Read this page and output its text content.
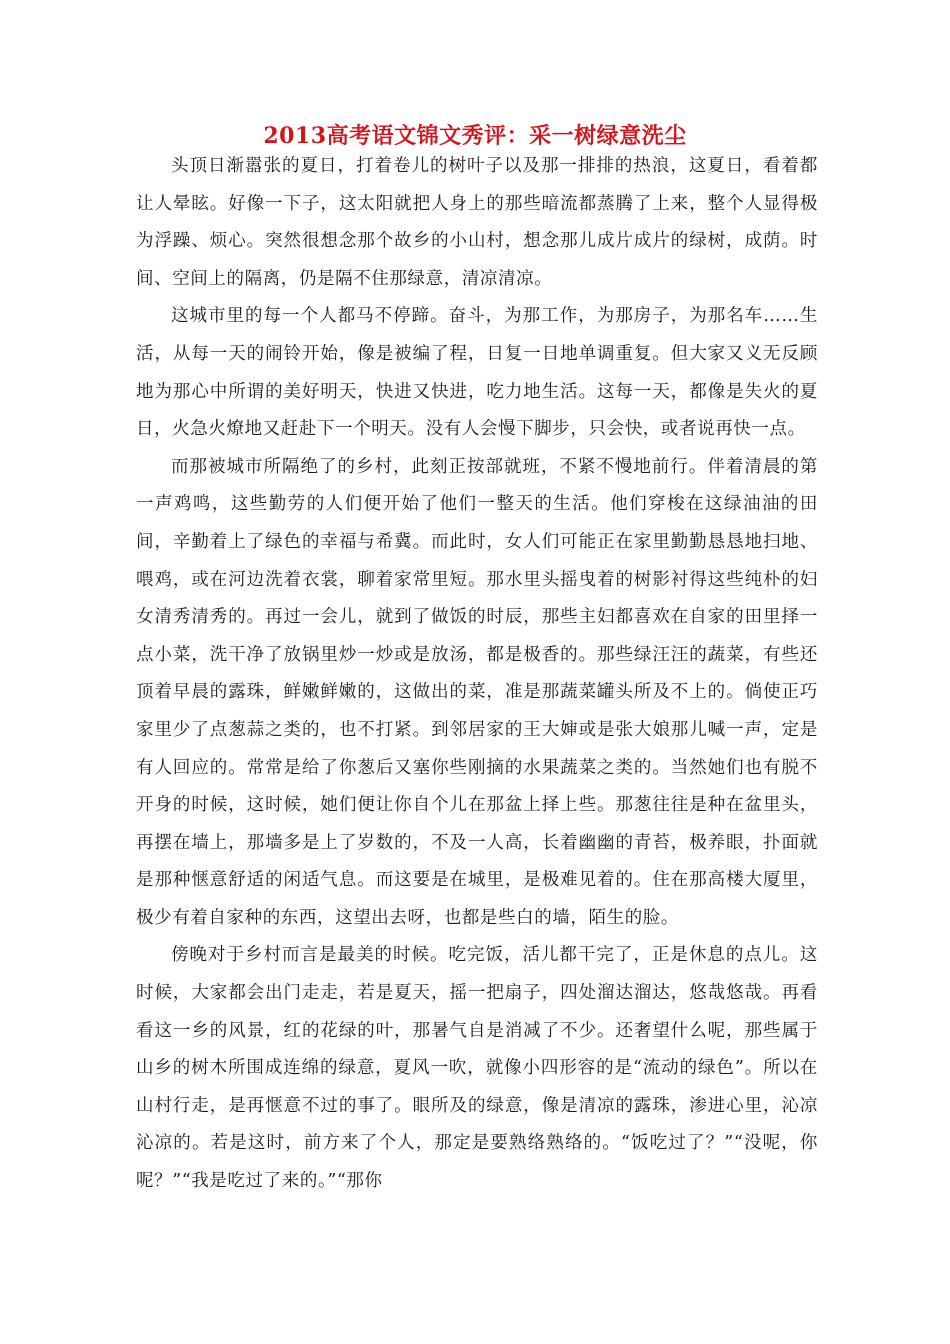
2013高考语文锦文秀评：采一树绿意洗尘

头顶日渐嚣张的夏日，打着卷儿的树叶子以及那一排排的热浪，这夏日，看着都让人晕眩。好像一下子，这太阳就把人身上的那些暗流都蒸腾了上来，整个人显得极为浮躁、烦心。突然很想念那个故乡的小山村，想念那儿成片成片的绿树，成荫。时间、空间上的隔离，仍是隔不住那绿意，清凉清凉。

这城市里的每一个人都马不停蹄。奋斗，为那工作，为那房子，为那名车……生活，从每一天的闹铃开始，像是被编了程，日复一日地单调重复。但大家又义无反顾地为那心中所谓的美好明天，快进又快进，吃力地生活。这每一天，都像是失火的夏日，火急火燎地又赶赴下一个明天。没有人会慢下脚步，只会快，或者说再快一点。

而那被城市所隔绝了的乡村，此刻正按部就班，不紧不慢地前行。伴着清晨的第一声鸡鸣，这些勤劳的人们便开始了他们一整天的生活。他们穿梭在这绿油油的田间，辛勤着上了绿色的幸福与希冀。而此时，女人们可能正在家里勤勤恳恳地扫地、喂鸡，或在河边洗着衣裳，聊着家常里短。那水里头摇曳着的树影衬得这些纯朴的妇女清秀清秀的。再过一会儿，就到了做饭的时辰，那些主妇都喜欢在自家的田里择一点小菜，洗干净了放锅里炒一炒或是放汤，都是极香的。那些绿汪汪的蔬菜，有些还顶着早晨的露珠，鲜嫩鲜嫩的，这做出的菜，准是那蔬菜罐头所及不上的。倘使正巧家里少了点葱蒜之类的，也不打紧。到邻居家的王大婶或是张大娘那儿喊一声，定是有人回应的。常常是给了你葱后又塞你些刚摘的水果蔬菜之类的。当然她们也有脱不开身的时候，这时候，她们便让你自个儿在那盆上择上些。那葱往往是种在盆里头，再摆在墙上，那墙多是上了岁数的，不及一人高，长着幽幽的青苔，极养眼，扑面就是那种惬意舒适的闲适气息。而这要是在城里，是极难见着的。住在那高楼大厦里，极少有着自家种的东西，这望出去呀，也都是些白的墙，陌生的脸。

傍晚对于乡村而言是最美的时候。吃完饭，活儿都干完了，正是休息的点儿。这时候，大家都会出门走走，若是夏天，摇一把扇子，四处溜达溜达，悠哉悠哉。再看看这一乡的风景，红的花绿的叶，那暑气自是消减了不少。还奢望什么呢，那些属于山乡的树木所围成连绵的绿意，夏风一吹，就像小四形容的是“流动的绿色”。所以在山村行走，是再惬意不过的事了。眼所及的绿意，像是清凉的露珠，渗进心里，沁凉沁凉的。若是这时，前方来了个人，那定是要熟络熟络的。“饭吃过了？”“没呢，你呢？”“我是吃过了来的。”“那你
